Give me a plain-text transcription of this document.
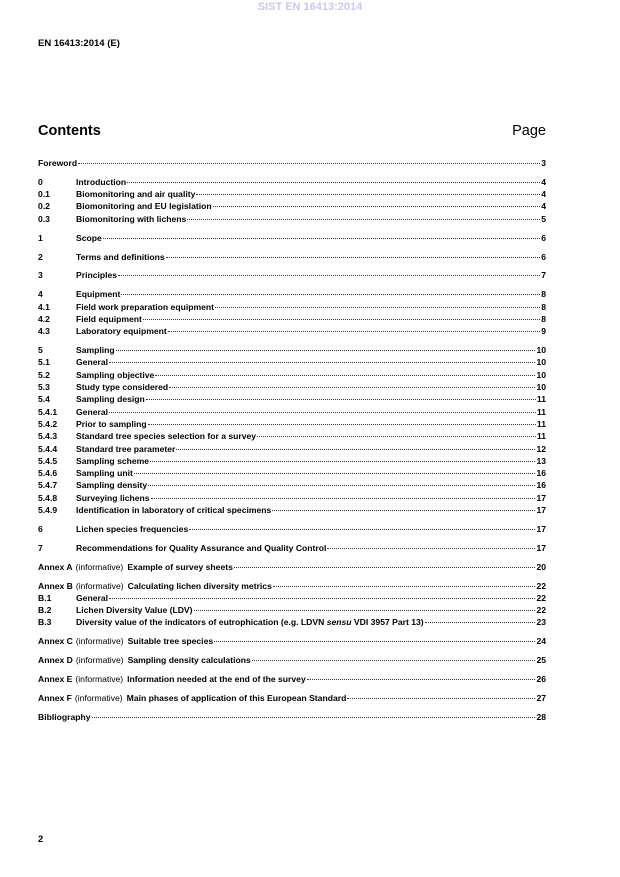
SIST EN 16413:2014
EN 16413:2014 (E)
Contents	Page
Foreword	3
0	Introduction	4
0.1	Biomonitoring and air quality	4
0.2	Biomonitoring and EU legislation	4
0.3	Biomonitoring with lichens	5
1	Scope	6
2	Terms and definitions	6
3	Principles	7
4	Equipment	8
4.1	Field work preparation equipment	8
4.2	Field equipment	8
4.3	Laboratory equipment	9
5	Sampling	10
5.1	General	10
5.2	Sampling objective	10
5.3	Study type considered	10
5.4	Sampling design	11
5.4.1	General	11
5.4.2	Prior to sampling	11
5.4.3	Standard tree species selection for a survey	11
5.4.4	Standard tree parameter	12
5.4.5	Sampling scheme	13
5.4.6	Sampling unit	16
5.4.7	Sampling density	16
5.4.8	Surveying lichens	17
5.4.9	Identification in laboratory of critical specimens	17
6	Lichen species frequencies	17
7	Recommendations for Quality Assurance and Quality Control	17
Annex A (informative) Example of survey sheets	20
Annex B (informative) Calculating lichen diversity metrics	22
B.1	General	22
B.2	Lichen Diversity Value (LDV)	22
B.3	Diversity value of the indicators of eutrophication (e.g. LDVN sensu VDI 3957 Part 13)	23
Annex C (informative) Suitable tree species	24
Annex D (informative) Sampling density calculations	25
Annex E (informative) Information needed at the end of the survey	26
Annex F (informative) Main phases of application of this European Standard	27
Bibliography	28
2
